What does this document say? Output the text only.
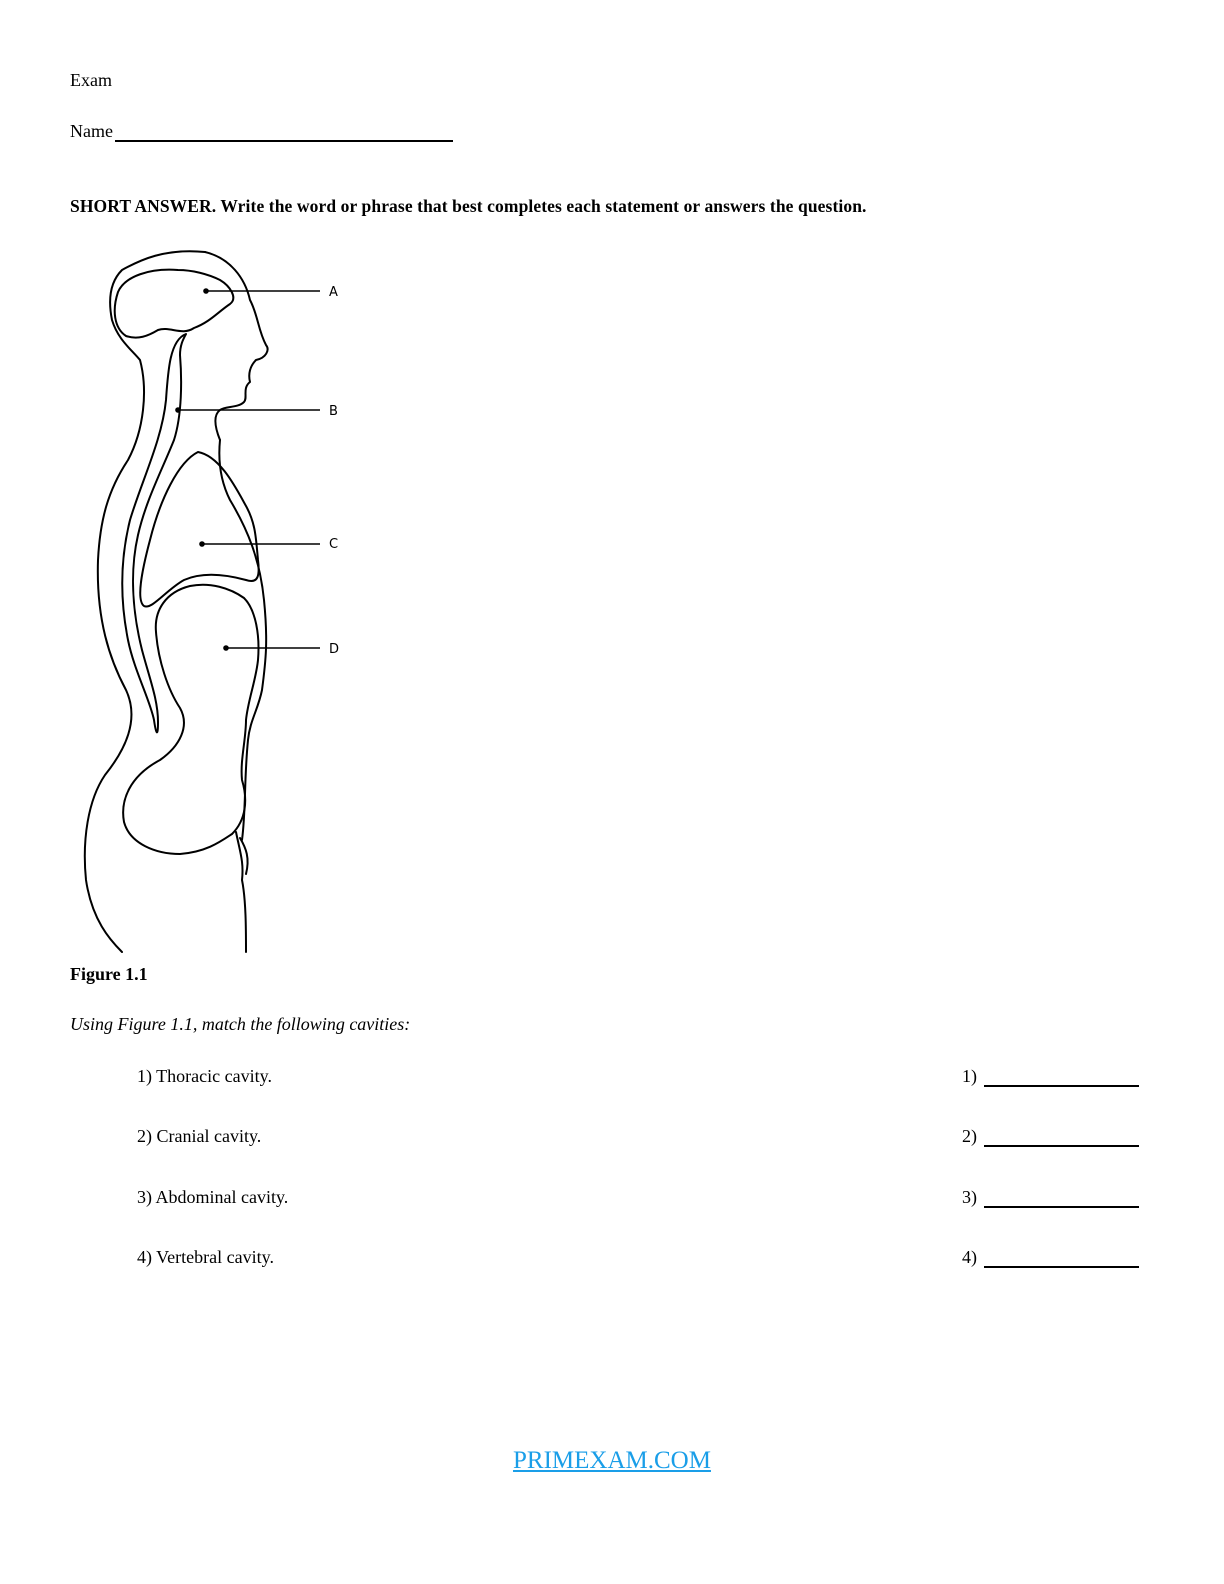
Exam
Name
SHORT ANSWER. Write the word or phrase that best completes each statement or answers the question.
A
B
C
D
Figure 1.1
Using Figure 1.1, match the following cavities:
1) Thoracic cavity.	1)
2) Cranial cavity.	2)
3) Abdominal cavity.	3)
4) Vertebral cavity.	4)
PRIMEXAM.COM
